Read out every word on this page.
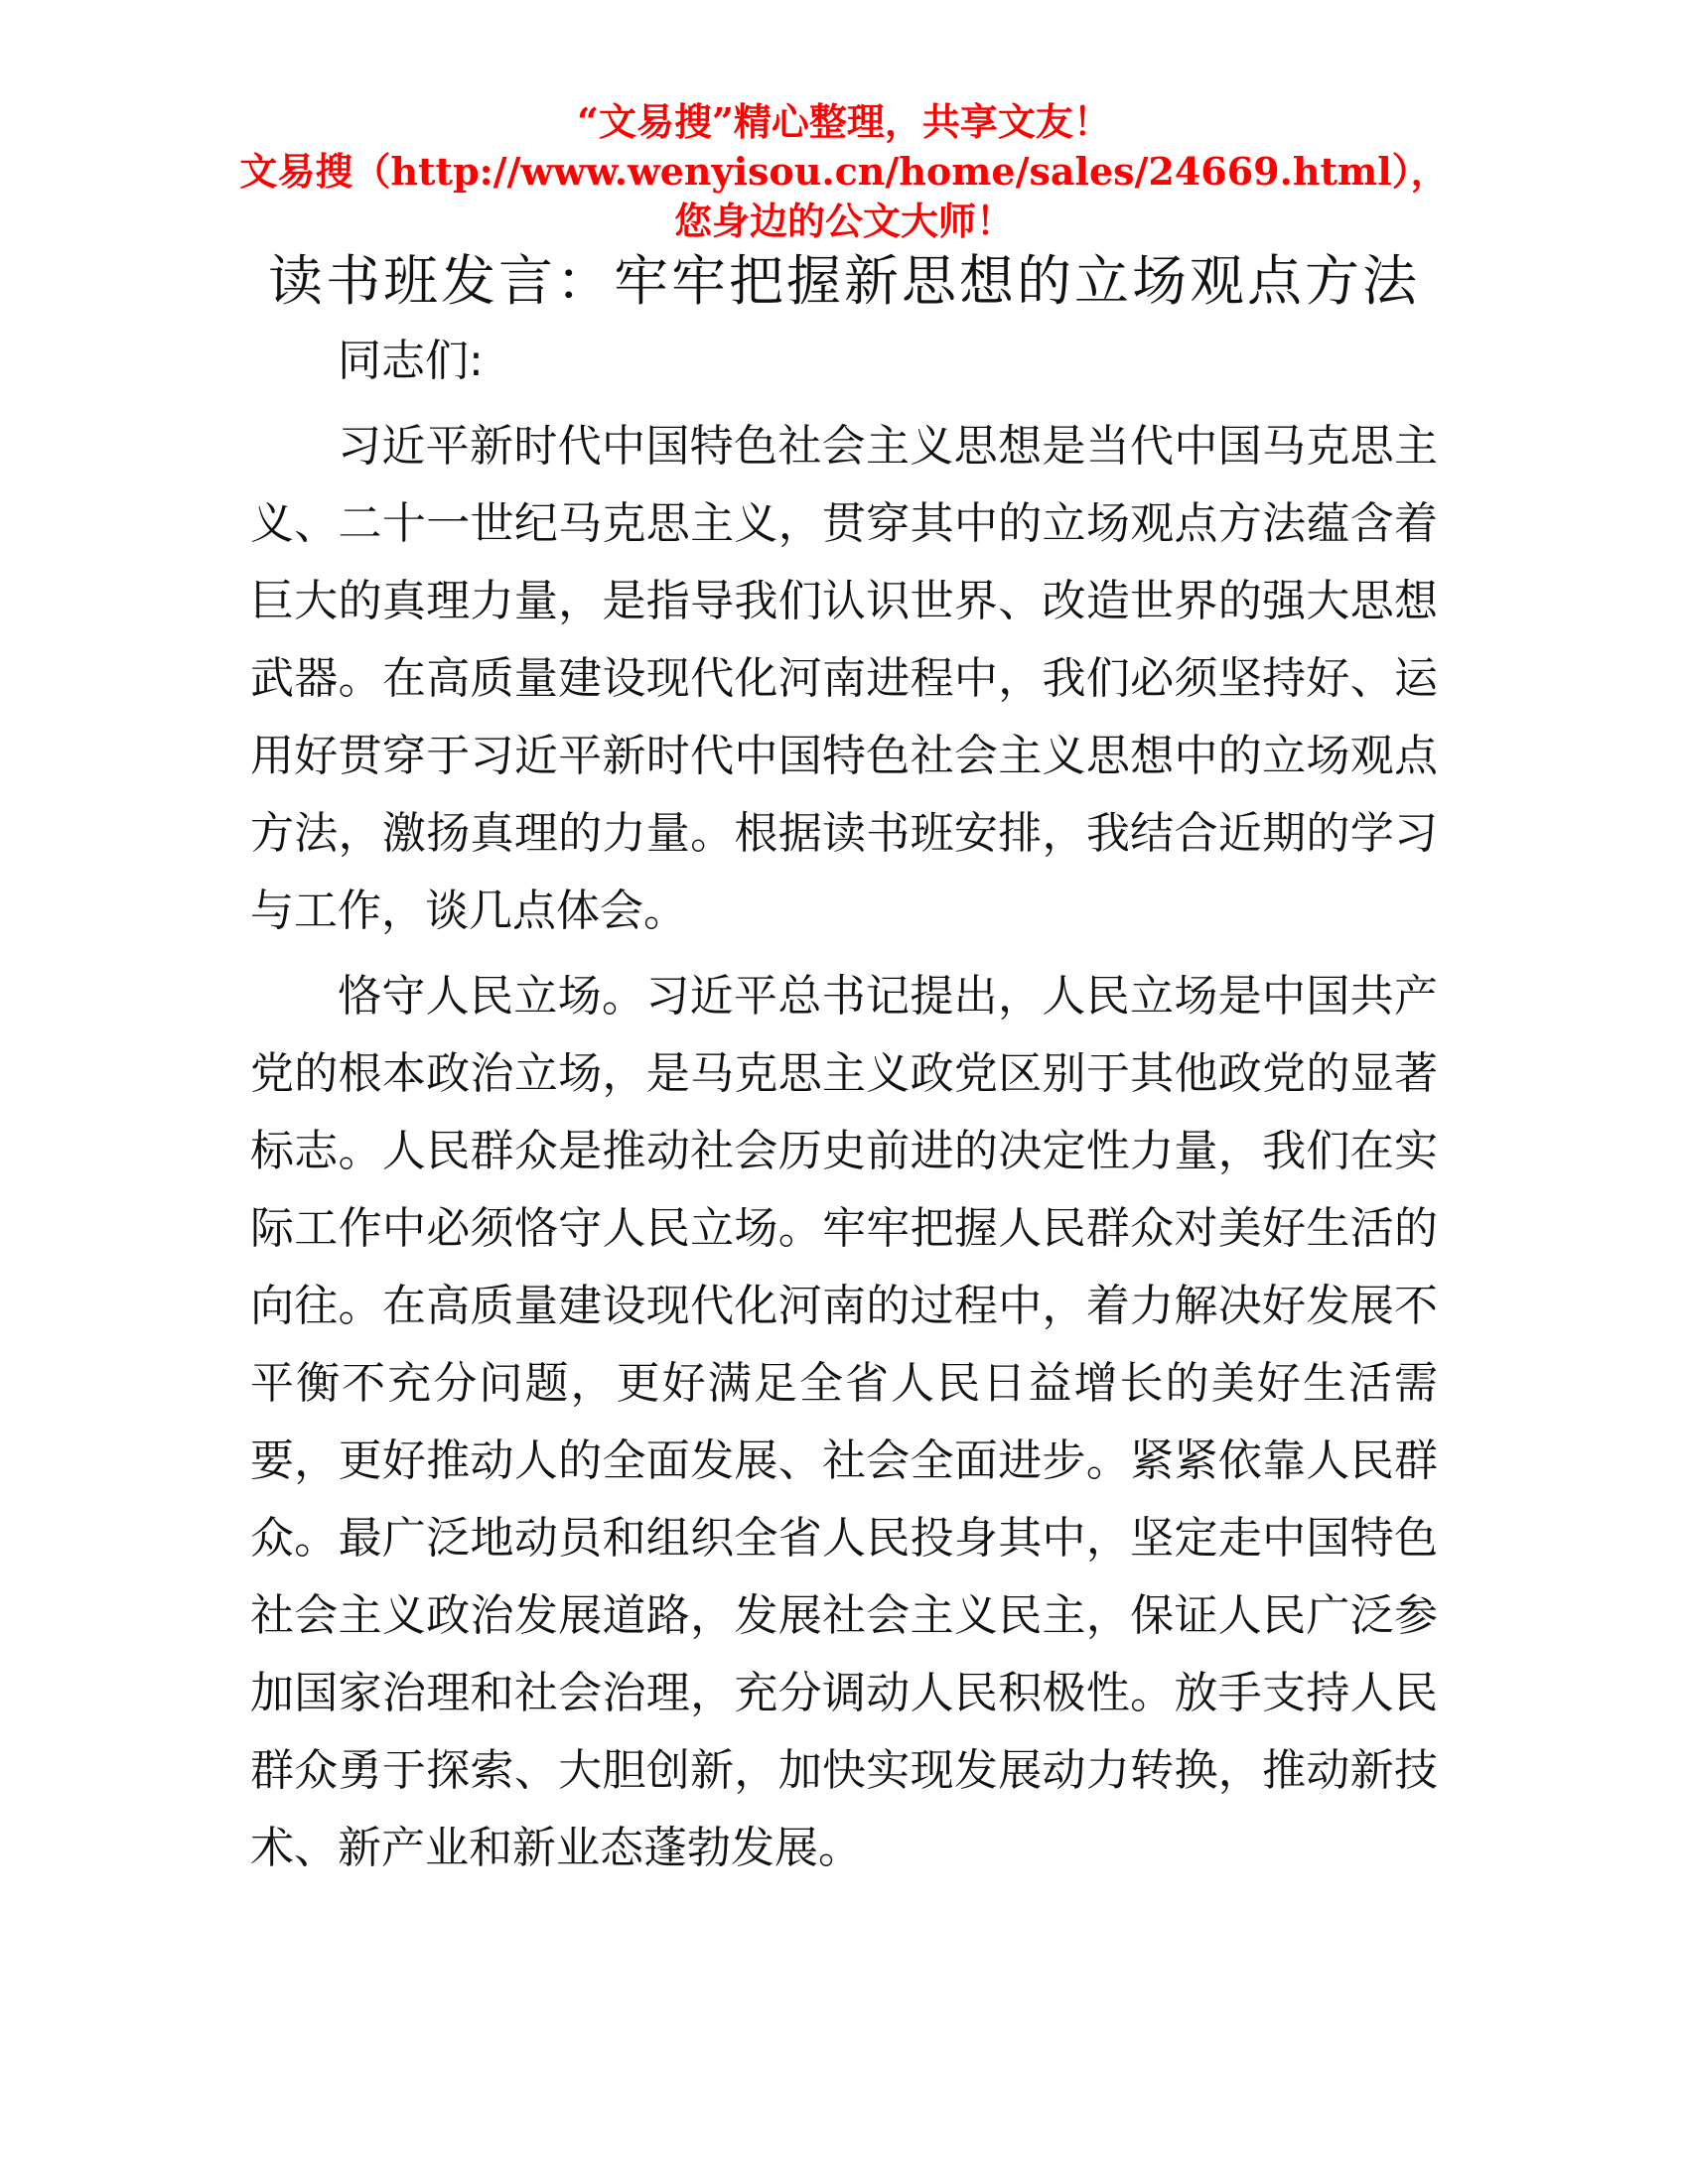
“文易搜”精心整理，共享文友！
文易搜（http://www.wenyisou.cn/home/sales/24669.html），
您身边的公文大师！
读书班发言：牢牢把握新思想的立场观点方法

同志们:

习近平新时代中国特色社会主义思想是当代中国马克思主义、二十一世纪马克思主义，贯穿其中的立场观点方法蕴含着巨大的真理力量，是指导我们认识世界、改造世界的强大思想武器。在高质量建设现代化河南进程中，我们必须坚持好、运用好贯穿于习近平新时代中国特色社会主义思想中的立场观点方法，激扬真理的力量。根据读书班安排，我结合近期的学习与工作，谈几点体会。

恪守人民立场。习近平总书记提出，人民立场是中国共产党的根本政治立场，是马克思主义政党区别于其他政党的显著标志。人民群众是推动社会历史前进的决定性力量，我们在实际工作中必须恪守人民立场。牢牢把握人民群众对美好生活的向往。在高质量建设现代化河南的过程中，着力解决好发展不平衡不充分问题，更好满足全省人民日益增长的美好生活需要，更好推动人的全面发展、社会全面进步。紧紧依靠人民群众。最广泛地动员和组织全省人民投身其中，坚定走中国特色社会主义政治发展道路，发展社会主义民主，保证人民广泛参加国家治理和社会治理，充分调动人民积极性。放手支持人民群众勇于探索、大胆创新，加快实现发展动力转换，推动新技术、新产业和新业态蓬勃发展。
